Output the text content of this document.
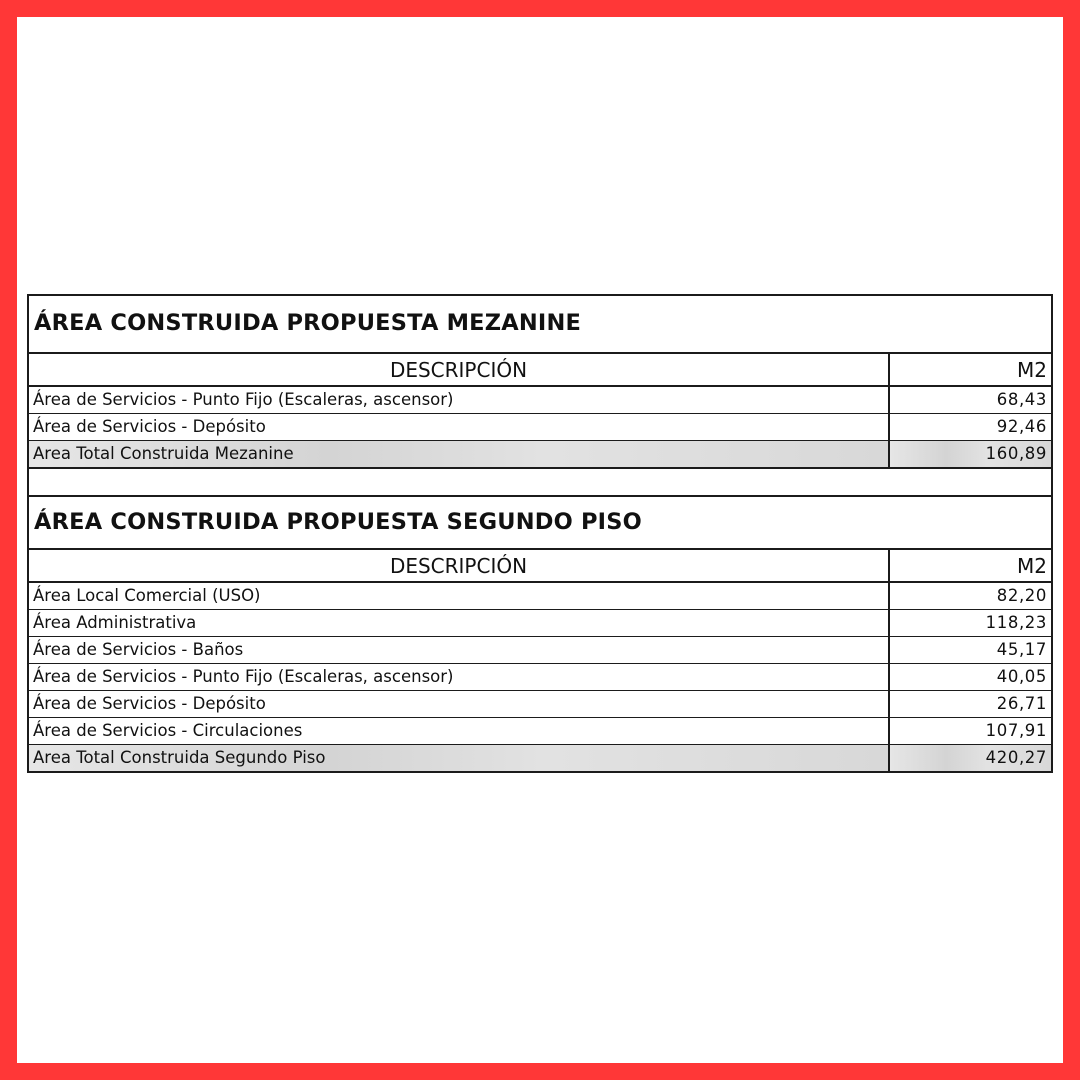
ÁREA CONSTRUIDA PROPUESTA MEZANINE
DESCRIPCIÓN	M2
Área de Servicios - Punto Fijo (Escaleras, ascensor)	68,43
Área de Servicios - Depósito	92,46
Area Total Construida Mezanine	160,89
ÁREA CONSTRUIDA PROPUESTA SEGUNDO PISO
DESCRIPCIÓN	M2
Área Local Comercial (USO)	82,20
Área Administrativa	118,23
Área de Servicios - Baños	45,17
Área de Servicios - Punto Fijo (Escaleras, ascensor)	40,05
Área de Servicios - Depósito	26,71
Área de Servicios - Circulaciones	107,91
Area Total Construida Segundo Piso	420,27
